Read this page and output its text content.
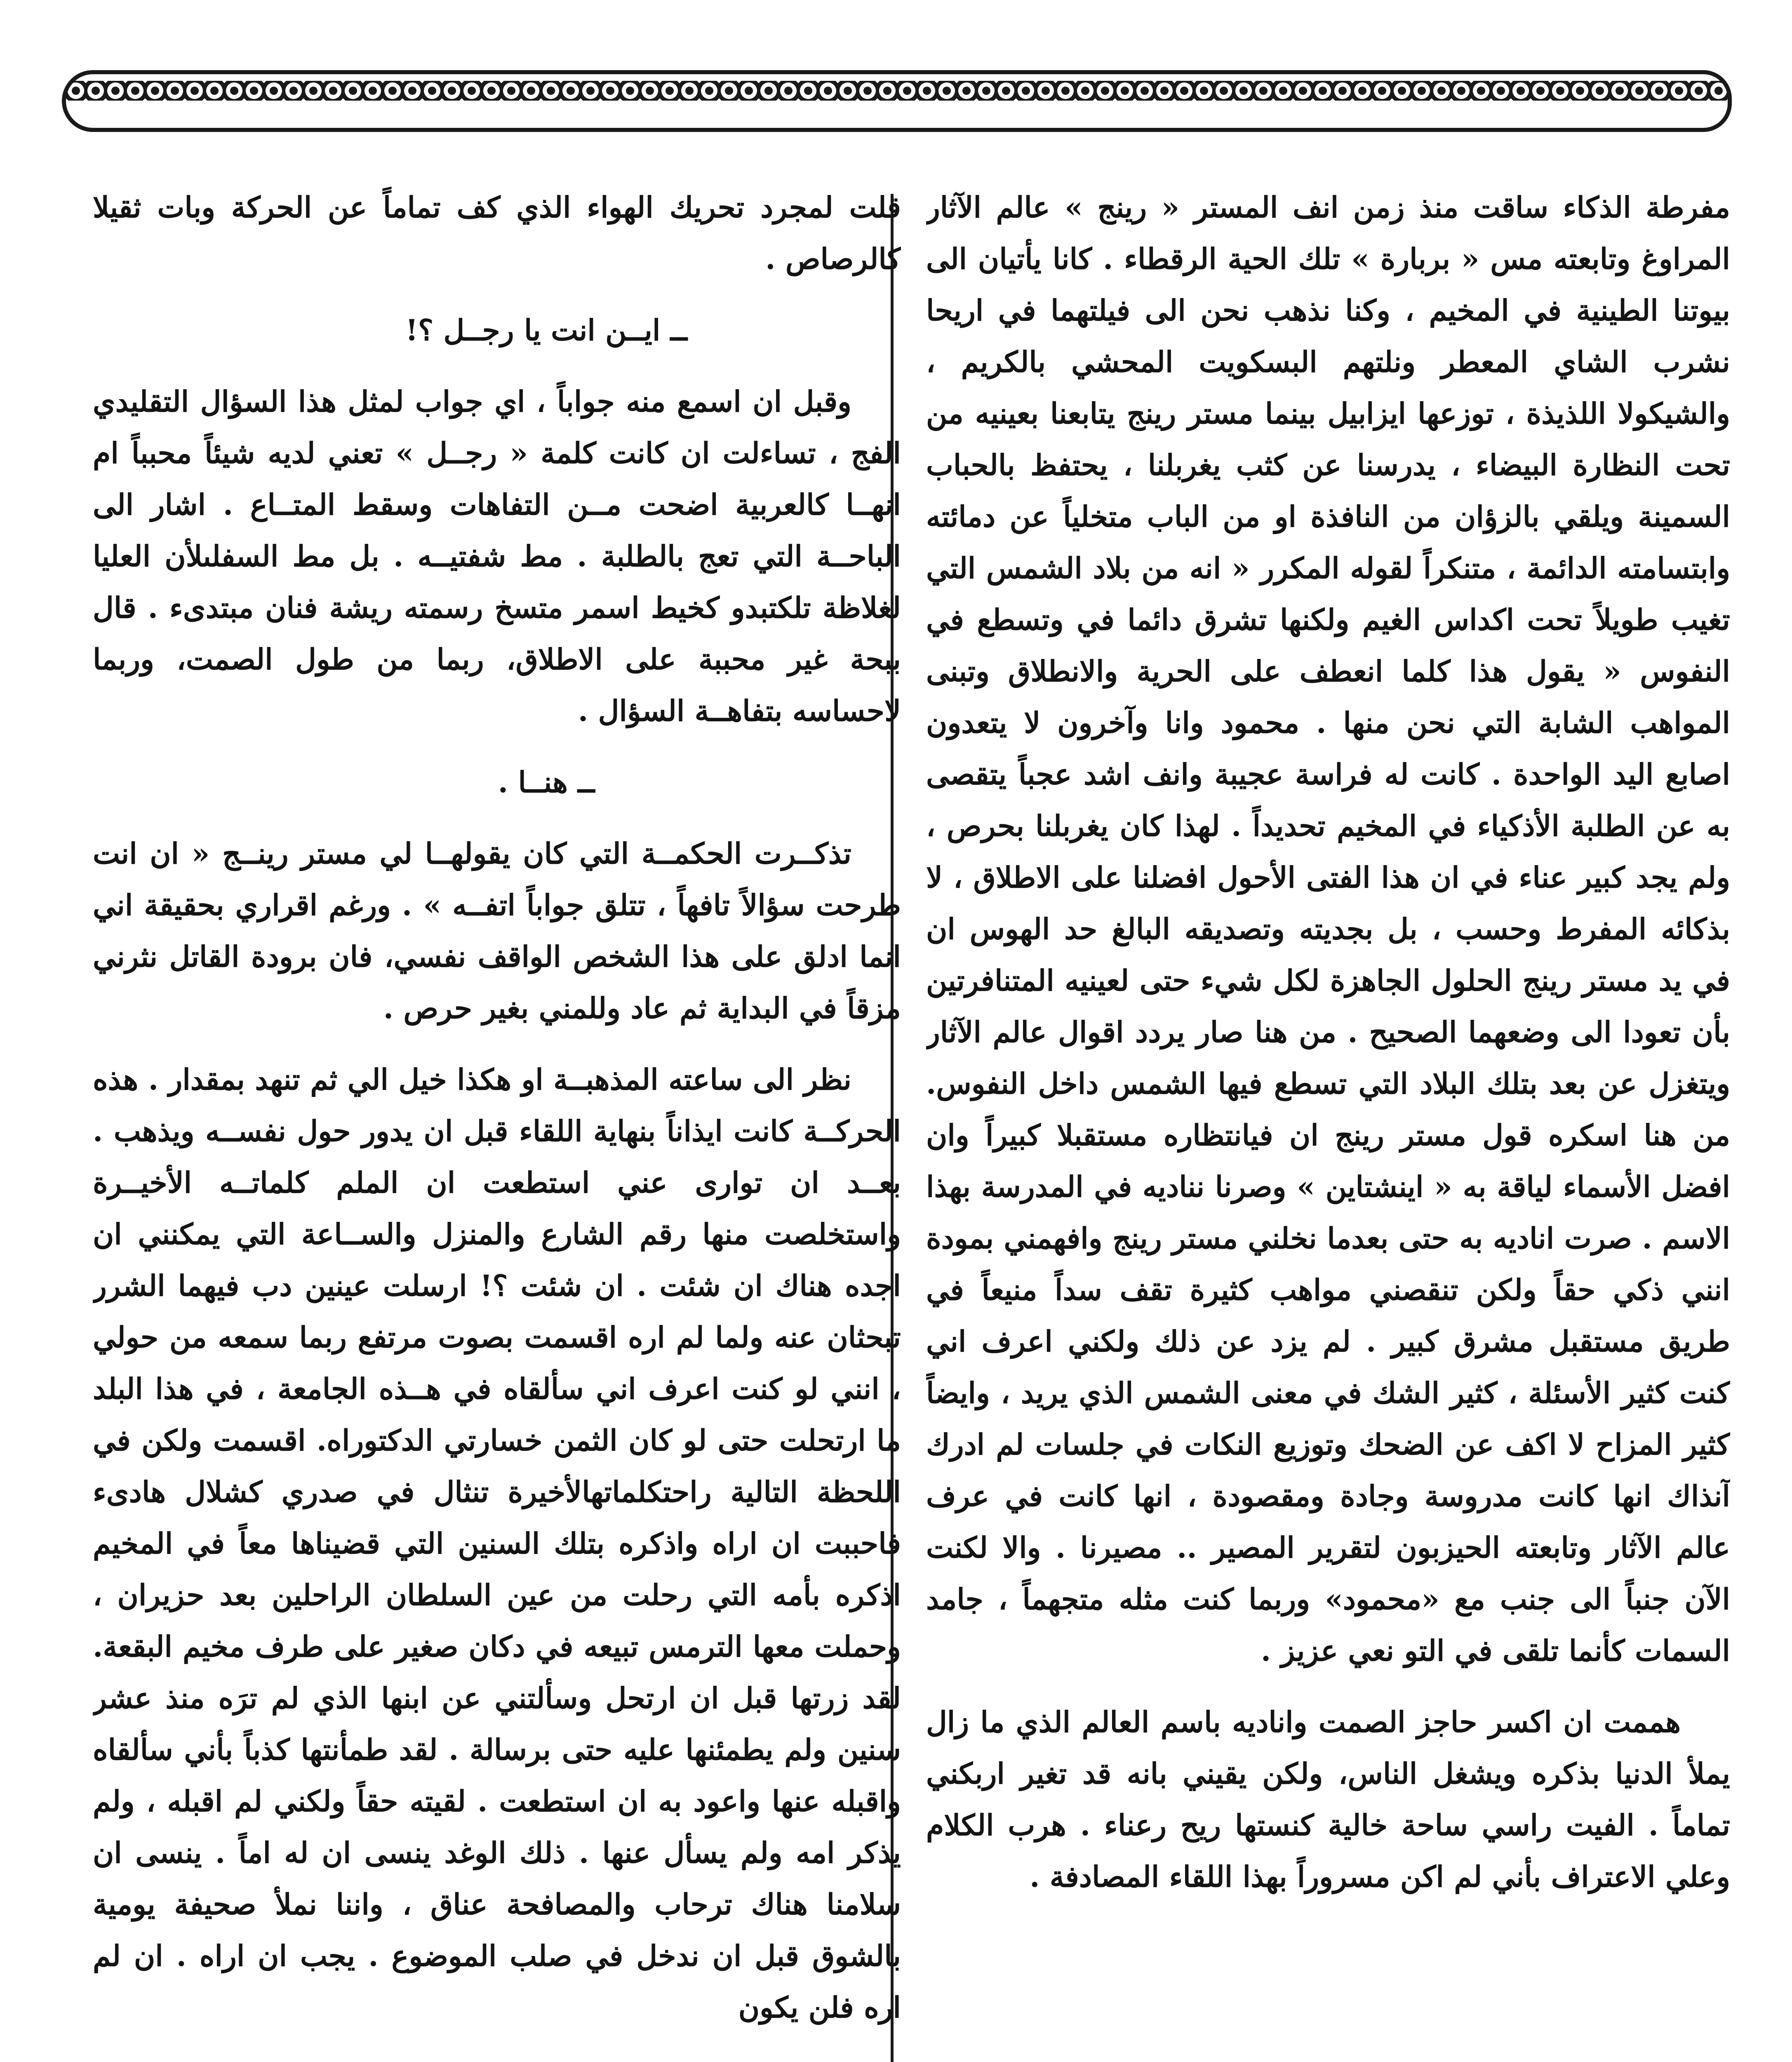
مفرطة الذكاء ساقت منذ زمن انف المستر « رينج » عالم الآثار المراوغ وتابعته مس « بربارة » تلك الحية الرقطاء . كانا يأتيان الى بيوتنا الطينية في المخيم ، وكنا نذهب نحن الى فيلتهما في اريحا نشرب الشاي المعطر ونلتهم البسكويت المحشي بالكريم ، والشيكولا اللذيذة ، توزعها ايزابيل بينما مستر رينج يتابعنا بعينيه من تحت النظارة البيضاء ، يدرسنا عن كثب يغربلنا ، يحتفظ بالحباب السمينة ويلقي بالزؤان من النافذة او من الباب متخلياً عن دمائته وابتسامته الدائمة ، متنكراً لقوله المكرر « انه من بلاد الشمس التي تغيب طويلاً تحت اكداس الغيم ولكنها تشرق دائما في وتسطع في النفوس « يقول هذا كلما انعطف على الحرية والانطلاق وتبنى المواهب الشابة التي نحن منها . محمود وانا وآخرون لا يتعدون اصابع اليد الواحدة . كانت له فراسة عجيبة وانف اشد عجباً يتقصى به عن الطلبة الأذكياء في المخيم تحديداً . لهذا كان يغربلنا بحرص ، ولم يجد كبير عناء في ان هذا الفتى الأحول افضلنا على الاطلاق ، لا بذكائه المفرط وحسب ، بل بجديته وتصديقه البالغ حد الهوس ان في يد مستر رينج الحلول الجاهزة لكل شيء حتى لعينيه المتنافرتين بأن تعودا الى وضعهما الصحيح . من هنا صار يردد اقوال عالم الآثار ويتغزل عن بعد بتلك البلاد التي تسطع فيها الشمس داخل النفوس. من هنا اسكره قول مستر رينج ان فيانتظاره مستقبلا كبيراً وان افضل الأسماء لياقة به « اينشتاين » وصرنا نناديه في المدرسة بهذا الاسم . صرت اناديه به حتى بعدما نخلني مستر رينج وافهمني بمودة انني ذكي حقاً ولكن تنقصني مواهب كثيرة تقف سداً منيعاً في طريق مستقبل مشرق كبير . لم يزد عن ذلك ولكني اعرف اني كنت كثير الأسئلة ، كثير الشك في معنى الشمس الذي يريد ، وايضاً كثير المزاح لا اكف عن الضحك وتوزيع النكات في جلسات لم ادرك آنذاك انها كانت مدروسة وجادة ومقصودة ، انها كانت في عرف عالم الآثار وتابعته الحيزبون لتقرير المصير .. مصيرنا . والا لكنت الآن جنباً الى جنب مع «محمود» وربما كنت مثله متجهماً ، جامد السمات كأنما تلقى في التو نعي عزيز .

هممت ان اكسر حاجز الصمت واناديه باسم العالم الذي ما زال يملأ الدنيا بذكره ويشغل الناس، ولكن يقيني بانه قد تغير اربكني تماماً . الفيت راسي ساحة خالية كنستها ريح رعناء . هرب الكلام وعلي الاعتراف بأني لم اكن مسروراً بهذا اللقاء المصادفة .

قلت لمجرد تحريك الهواء الذي كف تماماً عن الحركة وبات ثقيلا كالرصاص .

ــ ايــن انت يا رجــل ؟!

وقبل ان اسمع منه جواباً ، اي جواب لمثل هذا السؤال التقليدي الفج ، تساءلت ان كانت كلمة « رجــل » تعني لديه شيئاً محبباً ام انهــا كالعربية اضحت مــن التفاهات وسقط المتــاع . اشار الى الباحــة التي تعج بالطلبة . مط شفتيــه . بل مط السفلىلأن العليا لغلاظة تلكتبدو كخيط اسمر متسخ رسمته ريشة فنان مبتدىء . قال ببحة غير محببة على الاطلاق، ربما من طول الصمت، وربما لاحساسه بتفاهــة السؤال .

ــ هنــا .

تذكــرت الحكمــة التي كان يقولهــا لي مستر رينــج « ان انت طرحت سؤالاً تافهاً ، تتلق جواباً اتفــه » . ورغم اقراري بحقيقة اني انما ادلق على هذا الشخص الواقف نفسي، فان برودة القاتل نثرني مزقاً في البداية ثم عاد وللمني بغير حرص .

نظر الى ساعته المذهبــة او هكذا خيل الي ثم تنهد بمقدار . هذه الحركــة كانت ايذاناً بنهاية اللقاء قبل ان يدور حول نفســه ويذهب . بعــد ان توارى عني استطعت ان الملم كلماتــه الأخيــرة واستخلصت منها رقم الشارع والمنزل والســاعة التي يمكنني ان اجده هناك ان شئت . ان شئت ؟! ارسلت عينين دب فيهما الشرر تبحثان عنه ولما لم اره اقسمت بصوت مرتفع ربما سمعه من حولي ، انني لو كنت اعرف اني سألقاه في هــذه الجامعة ، في هذا البلد ما ارتحلت حتى لو كان الثمن خسارتي الدكتوراه. اقسمت ولكن في اللحظة التالية راحتكلماتهالأخيرة تنثال في صدري كشلال هادىء فاحببت ان اراه واذكره بتلك السنين التي قضيناها معاً في المخيم اذكره بأمه التي رحلت من عين السلطان الراحلين بعد حزيران ، وحملت معها الترمس تبيعه في دكان صغير على طرف مخيم البقعة. لقد زرتها قبل ان ارتحل وسألتني عن ابنها الذي لم ترَه منذ عشر سنين ولم يطمئنها عليه حتى برسالة . لقد طمأنتها كذباً بأني سألقاه واقبله عنها واعود به ان استطعت . لقيته حقاً ولكني لم اقبله ، ولم يذكر امه ولم يسأل عنها . ذلك الوغد ينسى ان له اماً . ينسى ان سلامنا هناك ترحاب والمصافحة عناق ، واننا نملأ صحيفة يومية بالشوق قبل ان ندخل في صلب الموضوع . يجب ان اراه . ان لم اره فلن يكون
